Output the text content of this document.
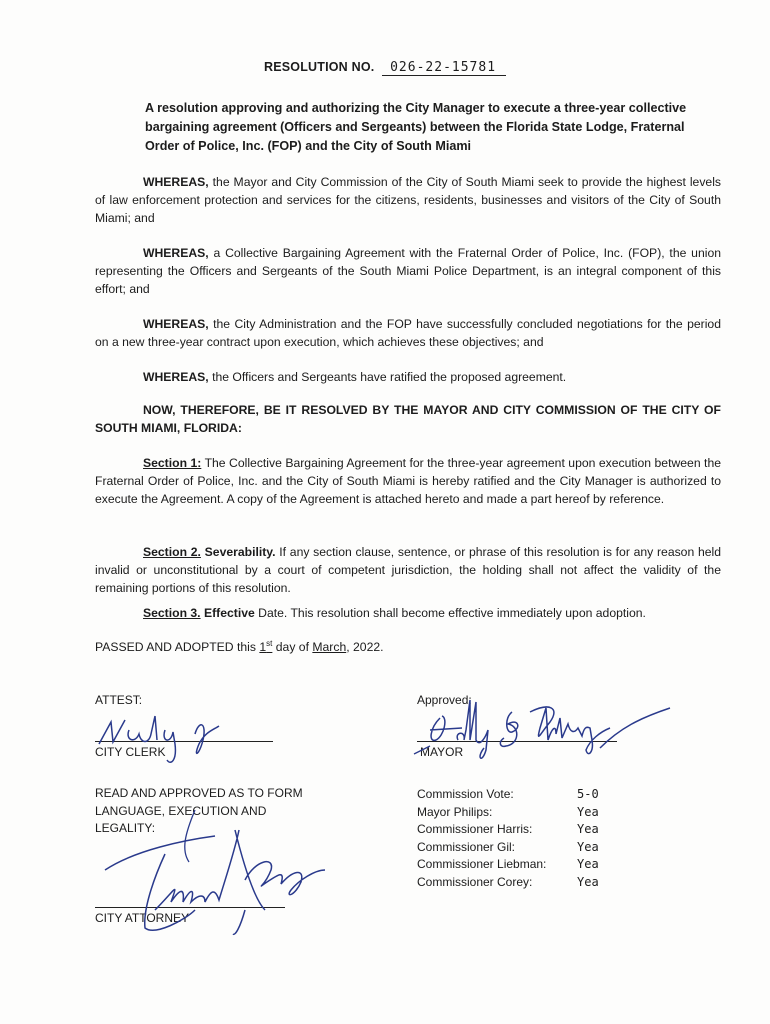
RESOLUTION NO. 026-22-15781
A resolution approving and authorizing the City Manager to execute a three-year collective bargaining agreement (Officers and Sergeants) between the Florida State Lodge, Fraternal Order of Police, Inc. (FOP) and the City of South Miami
WHEREAS, the Mayor and City Commission of the City of South Miami seek to provide the highest levels of law enforcement protection and services for the citizens, residents, businesses and visitors of the City of South Miami; and
WHEREAS, a Collective Bargaining Agreement with the Fraternal Order of Police, Inc. (FOP), the union representing the Officers and Sergeants of the South Miami Police Department, is an integral component of this effort; and
WHEREAS, the City Administration and the FOP have successfully concluded negotiations for the period on a new three-year contract upon execution, which achieves these objectives; and
WHEREAS, the Officers and Sergeants have ratified the proposed agreement.
NOW, THEREFORE, BE IT RESOLVED BY THE MAYOR AND CITY COMMISSION OF THE CITY OF SOUTH MIAMI, FLORIDA:
Section 1: The Collective Bargaining Agreement for the three-year agreement upon execution between the Fraternal Order of Police, Inc. and the City of South Miami is hereby ratified and the City Manager is authorized to execute the Agreement. A copy of the Agreement is attached hereto and made a part hereof by reference.
Section 2. Severability. If any section clause, sentence, or phrase of this resolution is for any reason held invalid or unconstitutional by a court of competent jurisdiction, the holding shall not affect the validity of the remaining portions of this resolution.
Section 3. Effective Date. This resolution shall become effective immediately upon adoption.
PASSED AND ADOPTED this 1st day of March, 2022.
ATTEST:
CITY CLERK
Approved:
MAYOR
READ AND APPROVED AS TO FORM
LANGUAGE, EXECUTION AND
LEGALITY:
CITY ATTORNEY
Commission Vote:	5-0
Mayor Philips:	Yea
Commissioner Harris:	Yea
Commissioner Gil:	Yea
Commissioner Liebman:	Yea
Commissioner Corey:	Yea
